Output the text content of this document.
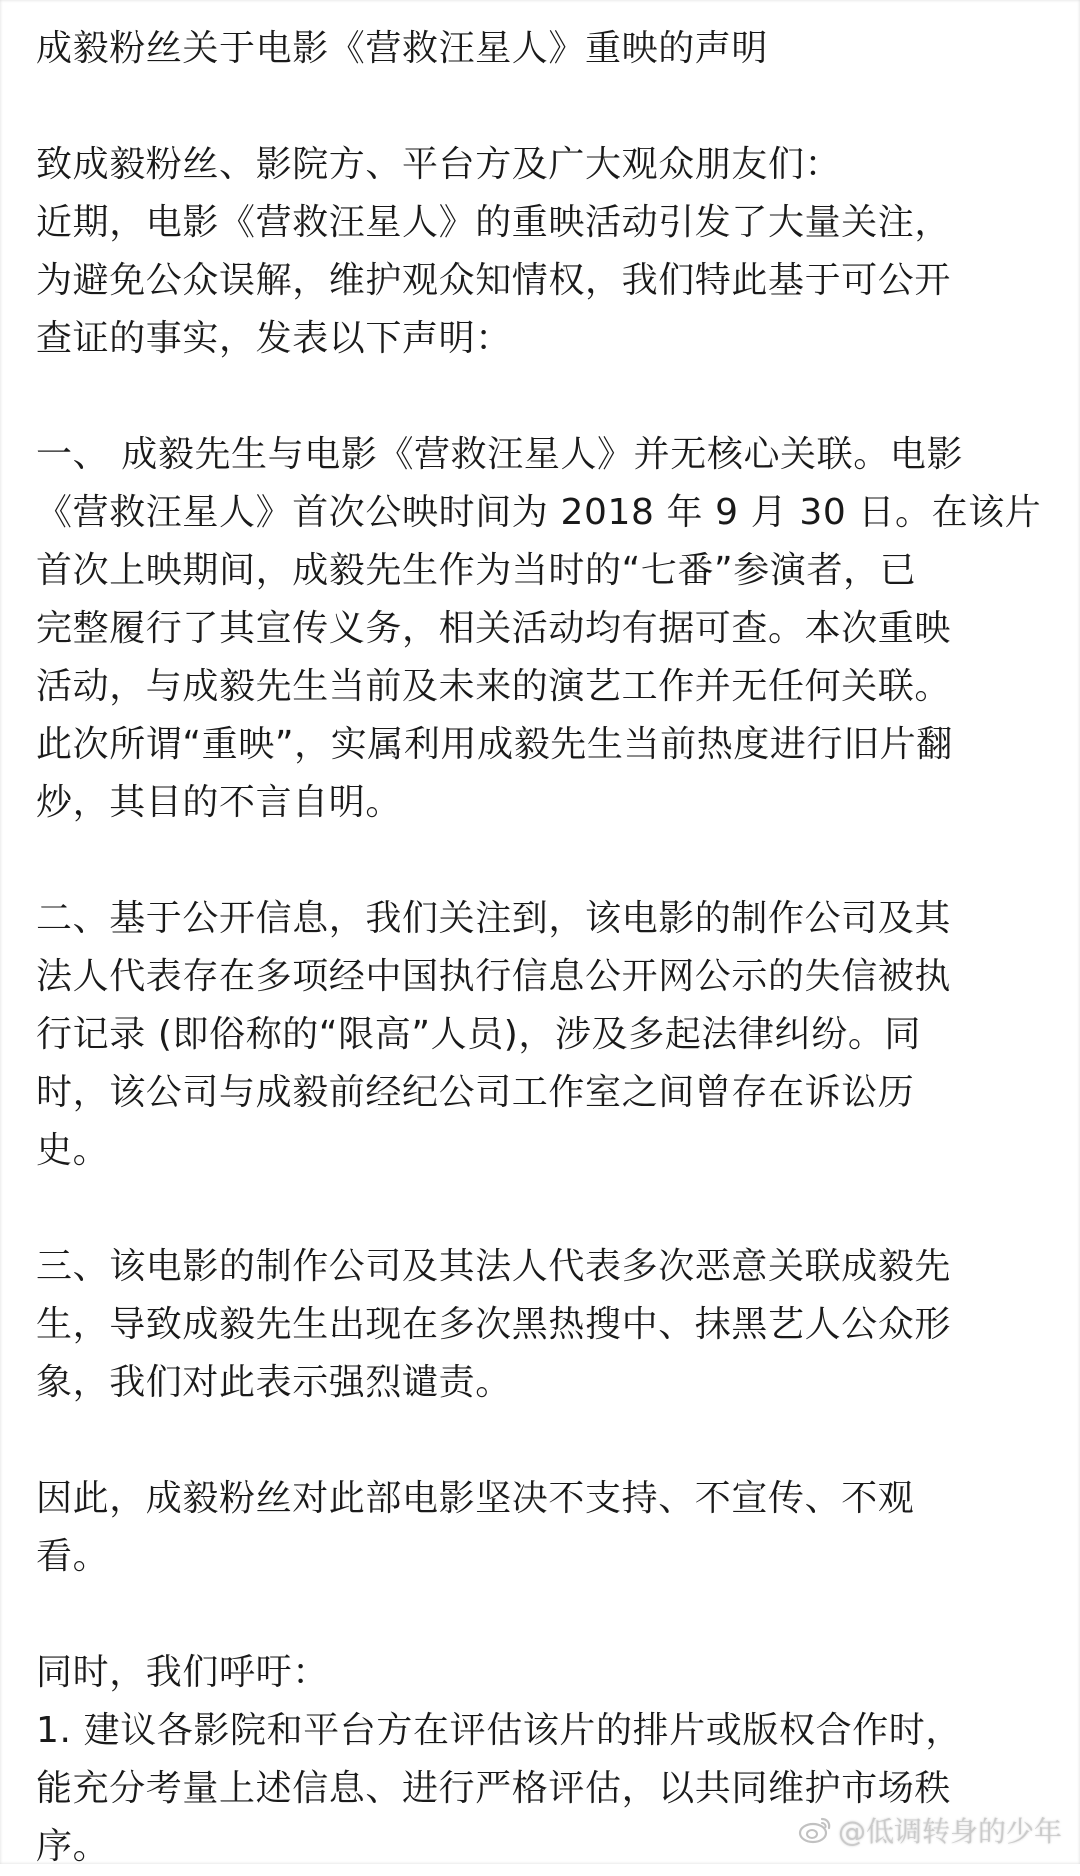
成毅粉丝关于电影《营救汪星人》重映的声明
致成毅粉丝、影院方、平台方及广大观众朋友们：
近期，电影《营救汪星人》的重映活动引发了大量关注，
为避免公众误解，维护观众知情权，我们特此基于可公开
查证的事实，发表以下声明：
一、 成毅先生与电影《营救汪星人》并无核心关联。电影
《营救汪星人》首次公映时间为 2018 年 9 月 30 日。在该片
首次上映期间，成毅先生作为当时的“七番”参演者，已
完整履行了其宣传义务，相关活动均有据可查。本次重映
活动，与成毅先生当前及未来的演艺工作并无任何关联。
此次所谓“重映”，实属利用成毅先生当前热度进行旧片翻
炒，其目的不言自明。
二、基于公开信息，我们关注到，该电影的制作公司及其
法人代表存在多项经中国执行信息公开网公示的失信被执
行记录 (即俗称的“限高”人员)，涉及多起法律纠纷。同
时，该公司与成毅前经纪公司工作室之间曾存在诉讼历
史。
三、该电影的制作公司及其法人代表多次恶意关联成毅先
生，导致成毅先生出现在多次黑热搜中、抹黑艺人公众形
象，我们对此表示强烈谴责。
因此，成毅粉丝对此部电影坚决不支持、不宣传、不观
看。
同时，我们呼吁：
1. 建议各影院和平台方在评估该片的排片或版权合作时，
能充分考量上述信息、进行严格评估，以共同维护市场秩
序。	@低调转身的少年
